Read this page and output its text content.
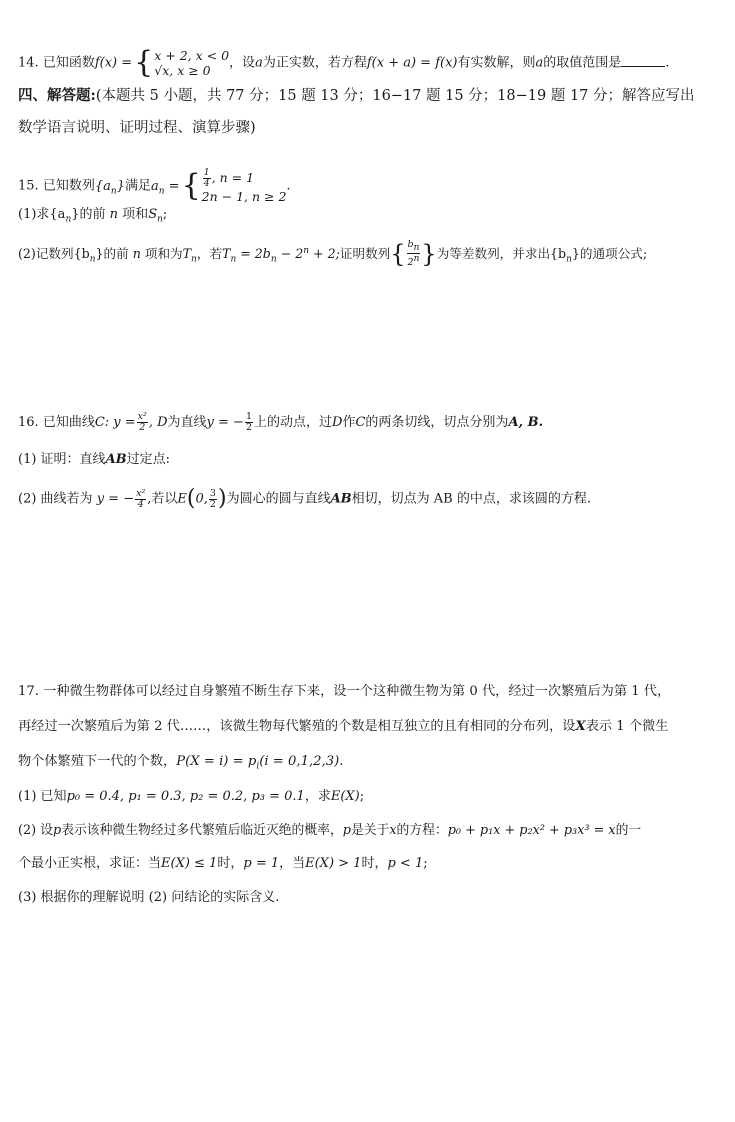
14. 已知函数f(x) ={ x + 2, x < 0
√x, x ≥ 0	，设a为正实数，若方程f(x + a) = f(x)有实数解，则a的取值范围是	.
四、解答题:(本题共 5 小题，共 77 分；15 题 13 分；16−17 题 15 分；18−19 题 17 分；解答应写出
数学语言说明、证明过程、演算步骤)
15. 已知数列$\{a_n\}$满足$a_n$ ={ $\frac{1}{4}$ , n = 1
2n − 1, n ≥ 2
.
(1)求$\{a_n\}$的前 n 项和$S_n$;
(2)记数列$\{b_n\}$的前 n 项和为$T_n$，若$T_n = 2b_n - 2^n + 2$;证明数列{ $\frac{b_n}{2^n}$ }为等差数列，并求出$\{b_n\}$的通项公式;
16. 已知曲线C: $y = \frac{\text{x²}}{2}$ , D为直线y = − $\frac{1}{2}$ 上的动点，过D作C的两条切线，切点分别为A, B.
(1) 证明：直线AB过定点:
(2) 曲线若为 y = − $\frac{\text{x²}}{4}$ ,若以E(0, $\frac{3}{2}$ )为圆心的圆与直线AB相切，切点为 AB 的中点，求该圆的方程.
17. 一种微生物群体可以经过自身繁殖不断生存下来，设一个这种微生物为第 0 代，经过一次繁殖后为第 1 代，
再经过一次繁殖后为第 2 代……，该微生物每代繁殖的个数是相互独立的且有相同的分布列，设X表示 1 个微生
物个体繁殖下一代的个数，$P(X = i) = p_i(i = 0,1,2,3)$.
(1) 已知p₀ = 0.4, p₁ = 0.3, p₂ = 0.2, p₃ = 0.1，求E(X);
(2) 设p表示该种微生物经过多代繁殖后临近灭绝的概率，p是关于x的方程：p₀ + p₁x + p₂x² + p₃x³ = x的一
个最小正实根，求证：当E(X) ≤ 1时，p = 1，当E(X) > 1时，p < 1;
(3) 根据你的理解说明 (2) 问结论的实际含义.
